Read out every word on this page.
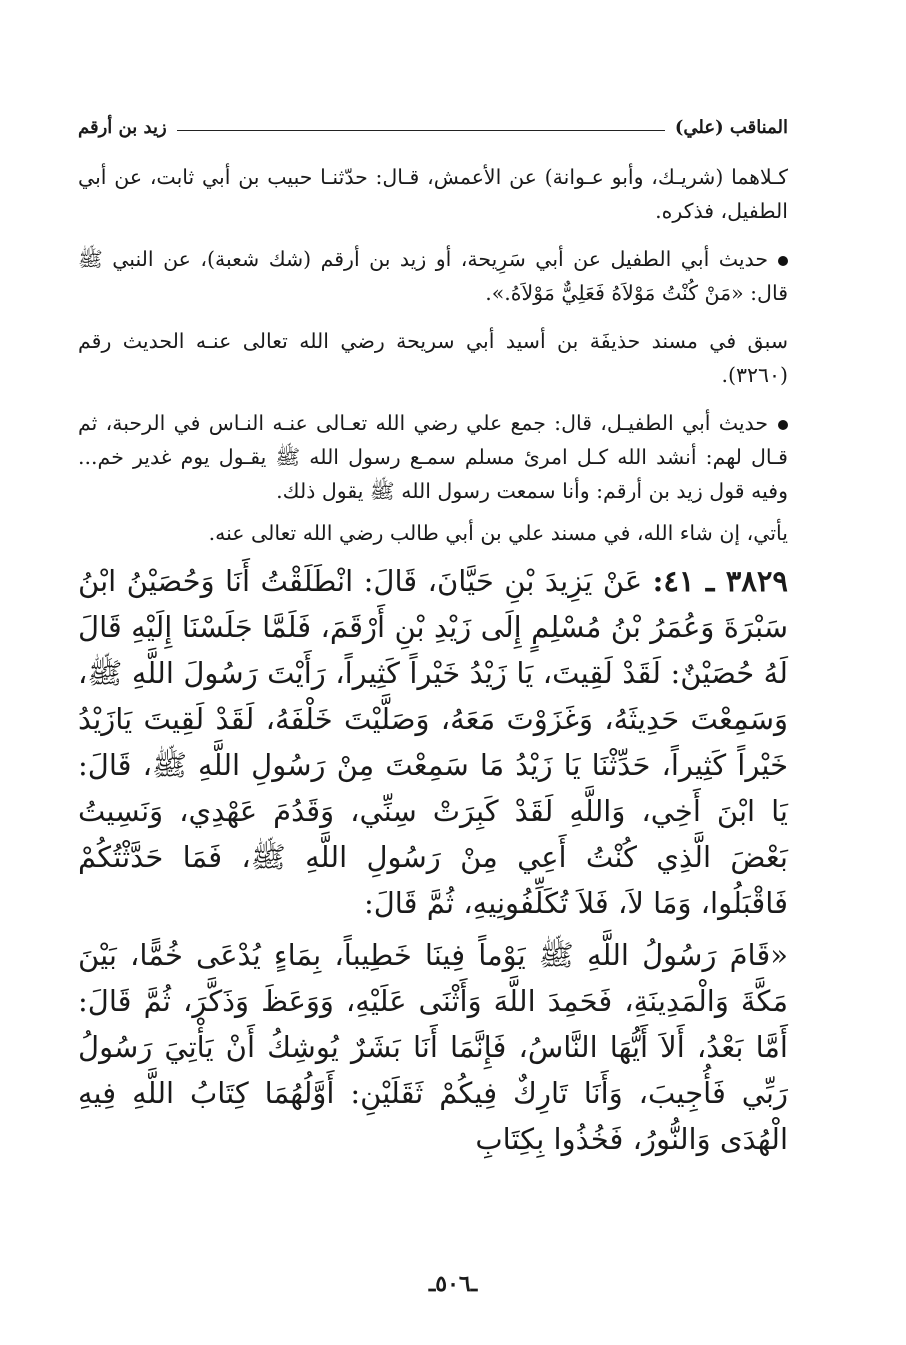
المناقب (علي)
زيد بن أرقم

كـلاهما (شريـك، وأبو عـوانة) عن الأعمش، قـال: حدّثنـا حبيب بن أبي ثابت، عن أبي الطفيل، فذكره.

حديث أبي الطفيل عن أبي سَرِيحة، أو زيد بن أرقم (شك شعبة)، عن النبي ﷺ قال: «مَنْ كُنْتُ مَوْلاَهُ فَعَلِيٌّ مَوْلاَهُ.».

سبق في مسند حذيفَة بن أسيد أبي سريحة رضي الله تعالى عنـه الحديث رقم (٣٢٦٠).

حديث أبي الطفيـل، قال: جمع علي رضي الله تعـالى عنـه النـاس في الرحبة، ثم قـال لهم: أنشد الله كـل امرئ مسلم سمـع رسول الله ﷺ يقـول يوم غدير خم... وفيه قول زيد بن أرقم: وأنا سمعت رسول الله ﷺ يقول ذلك.

يأتي، إن شاء الله، في مسند علي بن أبي طالب رضي الله تعالى عنه.

٣٨٢٩ ـ ٤١: عَنْ يَزِيدَ بْنِ حَيَّانَ، قَالَ: انْطَلَقْتُ أَنَا وَحُصَيْنُ ابْنُ سَبْرَةَ وَعُمَرُ بْنُ مُسْلِمٍ إِلَى زَيْدِ بْنِ أَرْقَمَ، فَلَمَّا جَلَسْنَا إِلَيْهِ قَالَ لَهُ حُصَيْنٌ: لَقَدْ لَقِيتَ، يَا زَيْدُ خَيْراً كَثِيراً، رَأَيْتَ رَسُولَ اللَّهِ ﷺ، وَسَمِعْتَ حَدِيثَهُ، وَغَزَوْتَ مَعَهُ، وَصَلَّيْتَ خَلْفَهُ، لَقَدْ لَقِيتَ يَازَيْدُ خَيْراً كَثِيراً، حَدِّثْنَا يَا زَيْدُ مَا سَمِعْتَ مِنْ رَسُولِ اللَّهِ ﷺ، قَالَ: يَا ابْنَ أَخِي، وَاللَّهِ لَقَدْ كَبِرَتْ سِنِّي، وَقَدُمَ عَهْدِي، وَنَسِيتُ بَعْضَ الَّذِي كُنْتُ أَعِي مِنْ رَسُولِ اللَّهِ ﷺ، فَمَا حَدَّثْتُكُمْ فَاقْبَلُوا، وَمَا لاَ، فَلاَ تُكَلِّفُونِيهِ، ثُمَّ قَالَ:

«قَامَ رَسُولُ اللَّهِ ﷺ يَوْماً فِينَا خَطِيباً، بِمَاءٍ يُدْعَى خُمًّا، بَيْنَ مَكَّةَ وَالْمَدِينَةِ، فَحَمِدَ اللَّهَ وَأَثْنَى عَلَيْهِ، وَوَعَظَ وَذَكَّرَ، ثُمَّ قَالَ: أَمَّا بَعْدُ، أَلاَ أَيُّهَا النَّاسُ، فَإِنَّمَا أَنَا بَشَرٌ يُوشِكُ أَنْ يَأْتِيَ رَسُولُ رَبِّي فَأُجِيبَ، وَأَنَا تَارِكٌ فِيكُمْ ثَقَلَيْنِ: أَوَّلُهُمَا كِتَابُ اللَّهِ فِيهِ الْهُدَى وَالنُّورُ، فَخُذُوا بِكِتَابِ

ـ٥٠٦ـ
